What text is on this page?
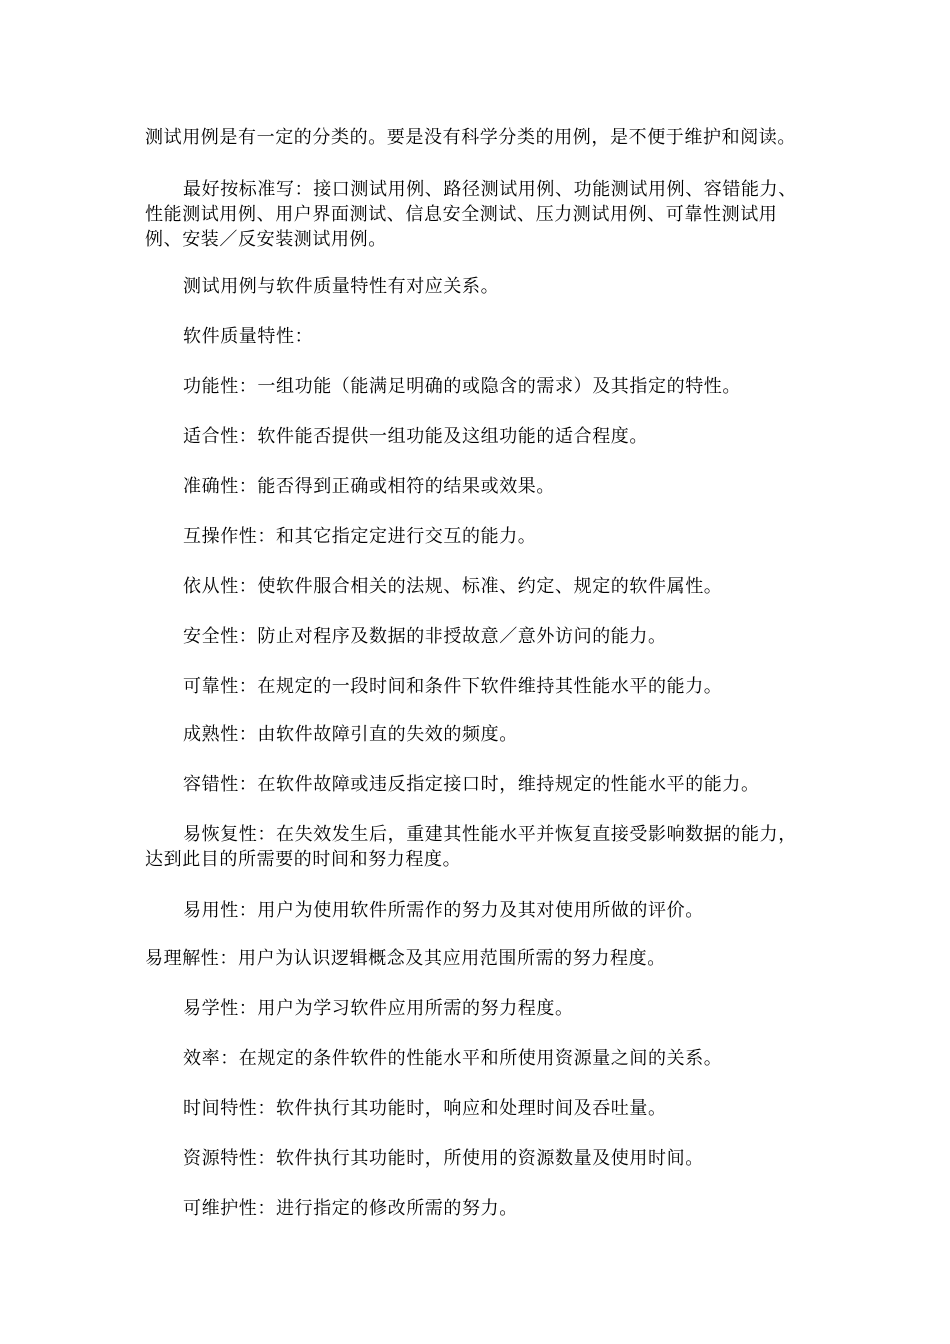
测试用例是有一定的分类的。要是没有科学分类的用例，是不便于维护和阅读。

最好按标准写：接口测试用例、路径测试用例、功能测试用例、容错能力、性能测试用例、用户界面测试、信息安全测试、压力测试用例、可靠性测试用例、安装／反安装测试用例。

测试用例与软件质量特性有对应关系。

软件质量特性：

功能性：一组功能（能满足明确的或隐含的需求）及其指定的特性。

适合性：软件能否提供一组功能及这组功能的适合程度。

准确性：能否得到正确或相符的结果或效果。

互操作性：和其它指定定进行交互的能力。

依从性：使软件服合相关的法规、标准、约定、规定的软件属性。

安全性：防止对程序及数据的非授故意／意外访问的能力。

可靠性：在规定的一段时间和条件下软件维持其性能水平的能力。

成熟性：由软件故障引直的失效的频度。

容错性：在软件故障或违反指定接口时，维持规定的性能水平的能力。

易恢复性：在失效发生后，重建其性能水平并恢复直接受影响数据的能力，达到此目的所需要的时间和努力程度。

易用性：用户为使用软件所需作的努力及其对使用所做的评价。

易理解性：用户为认识逻辑概念及其应用范围所需的努力程度。

易学性：用户为学习软件应用所需的努力程度。

效率：在规定的条件软件的性能水平和所使用资源量之间的关系。

时间特性：软件执行其功能时，响应和处理时间及吞吐量。

资源特性：软件执行其功能时，所使用的资源数量及使用时间。

可维护性：进行指定的修改所需的努力。
